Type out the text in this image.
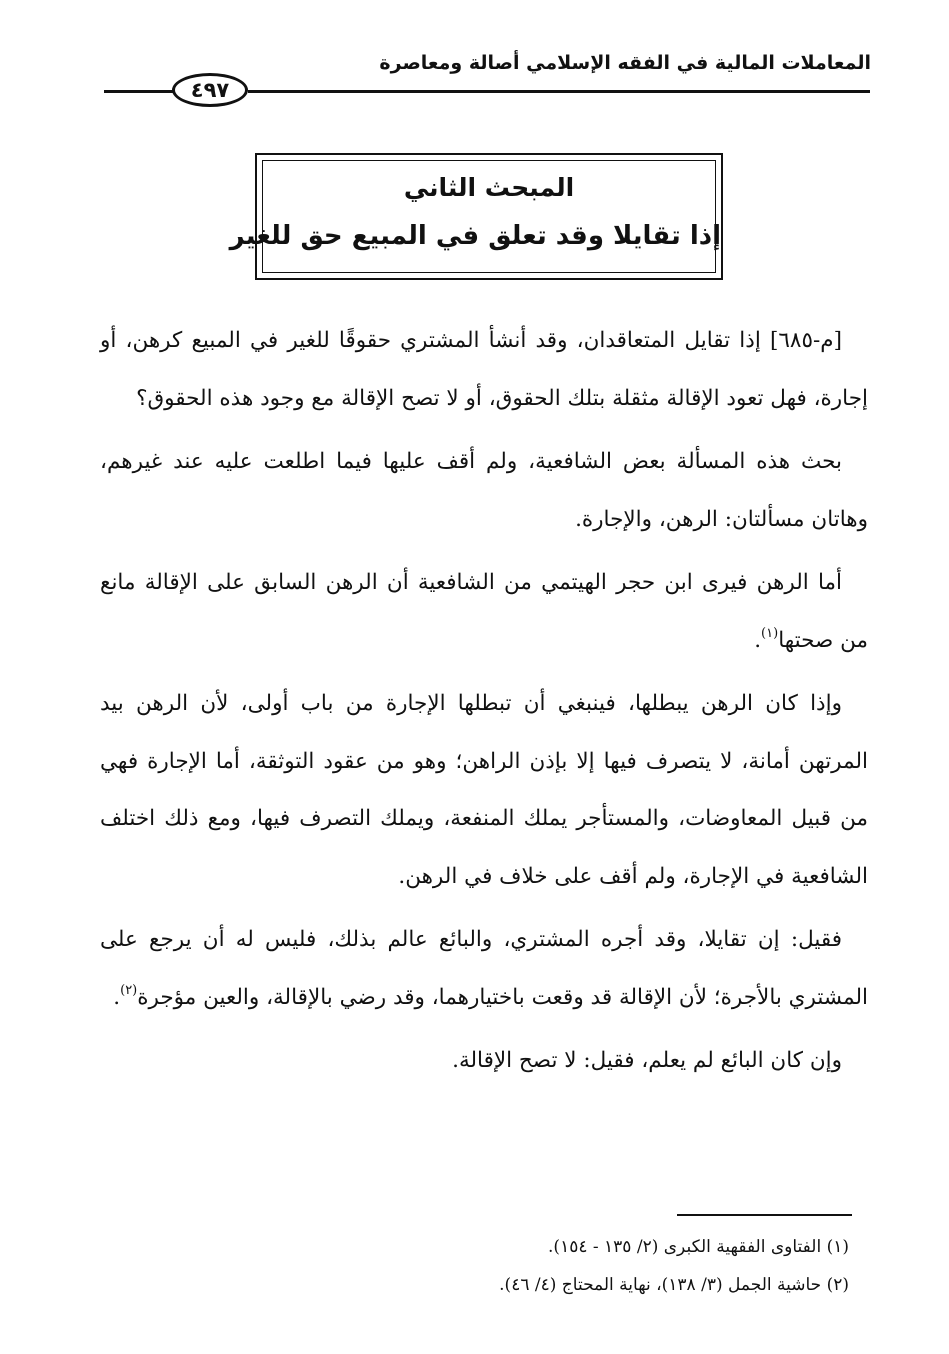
المعاملات المالية في الفقه الإسلامي أصالة ومعاصرة
٤٩٧
المبحث الثاني
إذا تقايلا وقد تعلق في المبيع حق للغير

[م-٦٨٥] إذا تقايل المتعاقدان، وقد أنشأ المشتري حقوقًا للغير في المبيع كرهن، أو إجارة، فهل تعود الإقالة مثقلة بتلك الحقوق، أو لا تصح الإقالة مع وجود هذه الحقوق؟

بحث هذه المسألة بعض الشافعية، ولم أقف عليها فيما اطلعت عليه عند غيرهم، وهاتان مسألتان: الرهن، والإجارة.

أما الرهن فيرى ابن حجر الهيتمي من الشافعية أن الرهن السابق على الإقالة مانع من صحتها$^{(١)}$.

وإذا كان الرهن يبطلها، فينبغي أن تبطلها الإجارة من باب أولى، لأن الرهن بيد المرتهن أمانة، لا يتصرف فيها إلا بإذن الراهن؛ وهو من عقود التوثقة، أما الإجارة فهي من قبيل المعاوضات، والمستأجر يملك المنفعة، ويملك التصرف فيها، ومع ذلك اختلف الشافعية في الإجارة، ولم أقف على خلاف في الرهن.

فقيل: إن تقايلا، وقد أجره المشتري، والبائع عالم بذلك، فليس له أن يرجع على المشتري بالأجرة؛ لأن الإقالة قد وقعت باختيارهما، وقد رضي بالإقالة، والعين مؤجرة$^{(٢)}$.

وإن كان البائع لم يعلم، فقيل: لا تصح الإقالة.

(١) الفتاوى الفقهية الكبرى (٢/ ١٣٥ - ١٥٤).
(٢) حاشية الجمل (٣/ ١٣٨)، نهاية المحتاج (٤/ ٤٦).
